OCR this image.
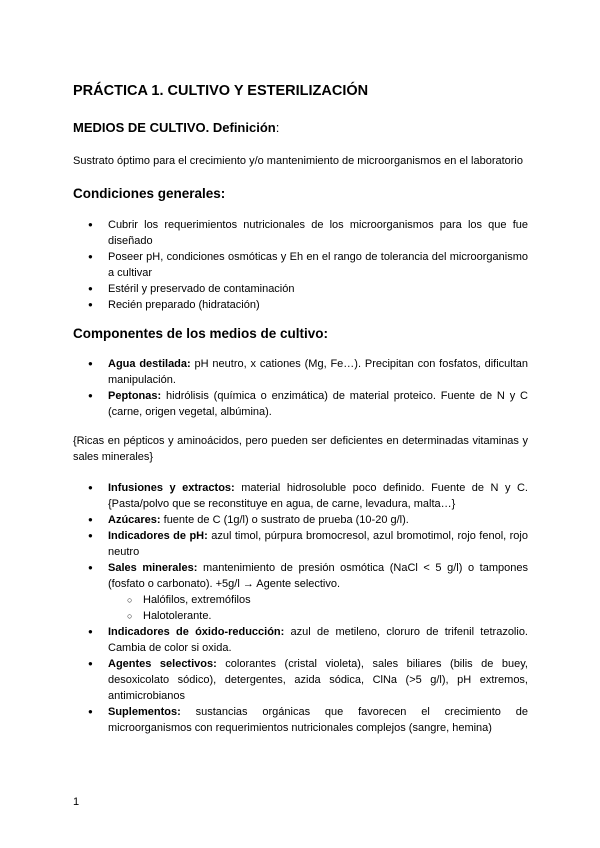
PRÁCTICA 1. CULTIVO Y ESTERILIZACIÓN
MEDIOS DE CULTIVO. Definición:

Sustrato óptimo para el crecimiento y/o mantenimiento de microorganismos en el laboratorio

Condiciones generales:
● Cubrir los requerimientos nutricionales de los microorganismos para los que fue diseñado
● Poseer pH, condiciones osmóticas y Eh en el rango de tolerancia del microorganismo a cultivar
● Estéril y preservado de contaminación
● Recién preparado (hidratación)
Componentes de los medios de cultivo:
● Agua destilada: pH neutro, x cationes (Mg, Fe…). Precipitan con fosfatos, dificultan manipulación.
● Peptonas: hidrólisis (química o enzimática) de material proteico. Fuente de N y C (carne, origen vegetal, albúmina).

{Ricas en pépticos y aminoácidos, pero pueden ser deficientes en determinadas vitaminas y sales minerales}

● Infusiones y extractos: material hidrosoluble poco definido. Fuente de N y C. {Pasta/polvo que se reconstituye en agua, de carne, levadura, malta…}
● Azúcares: fuente de C (1g/l) o sustrato de prueba (10-20 g/l).
● Indicadores de pH: azul timol, púrpura bromocresol, azul bromotimol, rojo fenol, rojo neutro
● Sales minerales: mantenimiento de presión osmótica (NaCl < 5 g/l) o tampones (fosfato o carbonato). +5g/l → Agente selectivo.
○ Halófilos, extremófilos
○ Halotolerante.
● Indicadores de óxido-reducción: azul de metileno, cloruro de trifenil tetrazolio. Cambia de color si oxida.
● Agentes selectivos: colorantes (cristal violeta), sales biliares (bilis de buey, desoxicolato sódico), detergentes, azida sódica, ClNa (>5 g/l), pH extremos, antimicrobianos
● Suplementos: sustancias orgánicas que favorecen el crecimiento de microorganismos con requerimientos nutricionales complejos (sangre, hemina)
1
